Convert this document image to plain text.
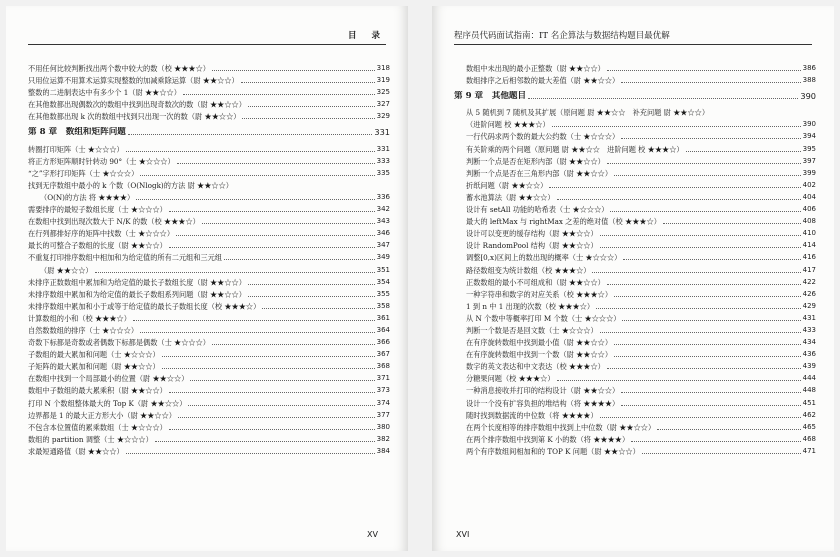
目 录
不用任何比较判断找出两个数中较大的数（校 ★★★☆）	318
只用位运算不用算术运算实现整数的加减乘除运算（尉 ★★☆☆）	319
整数的二进制表达中有多少个 1（尉 ★★☆☆）	325
在其他数都出现偶数次的数组中找到出现奇数次的数（尉 ★★☆☆）	327
在其他数都出现 k 次的数组中找到只出现一次的数（尉 ★★☆☆）	329
第 8 章　数组和矩阵问题	331
转圈打印矩阵（士 ★☆☆☆）	331
将正方形矩阵顺时针转动 90°（士 ★☆☆☆）	333
“之”字形打印矩阵（士 ★☆☆☆）	335
找到无序数组中最小的 k 个数（O(Nlogk)的方法 尉 ★★☆☆）
（O(N)的方法 将 ★★★★）	336
需要排序的最短子数组长度（士 ★☆☆☆）	342
在数组中找到出现次数大于 N/K 的数（校 ★★★☆）	343
在行列都排好序的矩阵中找数（士 ★☆☆☆）	346
最长的可整合子数组的长度（尉 ★★☆☆）	347
不重复打印排序数组中相加和为给定值的所有二元组和三元组	349
（尉 ★★☆☆）	351
未排序正数数组中累加和为给定值的最长子数组长度（尉 ★★☆☆）	354
未排序数组中累加和为给定值的最长子数组系列问题（尉 ★★☆☆）	355
未排序数组中累加和小于或等于给定值的最长子数组长度（校 ★★★☆）	358
计算数组的小和（校 ★★★☆）	361
自然数数组的排序（士 ★☆☆☆）	364
奇数下标都是奇数或者偶数下标都是偶数（士 ★☆☆☆）	366
子数组的最大累加和问题（士 ★☆☆☆）	367
子矩阵的最大累加和问题（尉 ★★☆☆）	368
在数组中找到一个局部最小的位置（尉 ★★☆☆）	371
数组中子数组的最大累乘积（尉 ★★☆☆）	373
打印 N 个数组整体最大的 Top K（尉 ★★☆☆）	374
边界都是 1 的最大正方形大小（尉 ★★☆☆）	377
不包含本位置值的累乘数组（士 ★☆☆☆）	380
数组的 partition 调整（士 ★☆☆☆）	382
求最短通路值（尉 ★★☆☆）	384
XV
程序员代码面试指南：IT 名企算法与数据结构题目最优解
数组中未出现的最小正整数（尉 ★★☆☆）	386
数组排序之后相邻数的最大差值（尉 ★★☆☆）	388
第 9 章　其他题目	390
从 5 随机到 7 随机及其扩展（原问题 尉 ★★☆☆　补充问题 尉 ★★☆☆）
（进阶问题 校 ★★★☆）	390
一行代码求两个数的最大公约数（士 ★☆☆☆）	394
有关阶乘的两个问题（原问题 尉 ★★☆☆　进阶问题 校 ★★★☆）	395
判断一个点是否在矩形内部（尉 ★★☆☆）	397
判断一个点是否在三角形内部（尉 ★★☆☆）	399
折纸问题（尉 ★★☆☆）	402
蓄水池算法（尉 ★★☆☆）	404
设计有 setAll 功能的哈希表（士 ★☆☆☆）	406
最大的 leftMax 与 rightMax 之差的绝对值（校 ★★★☆）	408
设计可以变更的缓存结构（尉 ★★☆☆）	410
设计 RandomPool 结构（尉 ★★☆☆）	414
调整[0,x)区间上的数出现的概率（士 ★☆☆☆）	416
路径数组变为统计数组（校 ★★★☆）	417
正数数组的最小不可组成和（尉 ★★☆☆）	422
一种字符串和数字的对应关系（校 ★★★☆）	426
1 到 n 中 1 出现的次数（校 ★★★☆）	429
从 N 个数中等概率打印 M 个数（士 ★☆☆☆）	431
判断一个数是否是回文数（士 ★☆☆☆）	433
在有序旋转数组中找到最小值（尉 ★★☆☆）	434
在有序旋转数组中找到一个数（尉 ★★☆☆）	436
数字的英文表达和中文表达（校 ★★★☆）	439
分糖果问题（校 ★★★☆）	444
一种消息接收并打印的结构设计（尉 ★★☆☆）	448
设计一个没有扩容负担的堆结构（将 ★★★★）	451
随时找到数据流的中位数（将 ★★★★）	462
在两个长度相等的排序数组中找到上中位数（尉 ★★☆☆）	465
在两个排序数组中找到第 K 小的数（将 ★★★★）	468
两个有序数组间相加和的 TOP K 问题（尉 ★★☆☆）	471
XVI
